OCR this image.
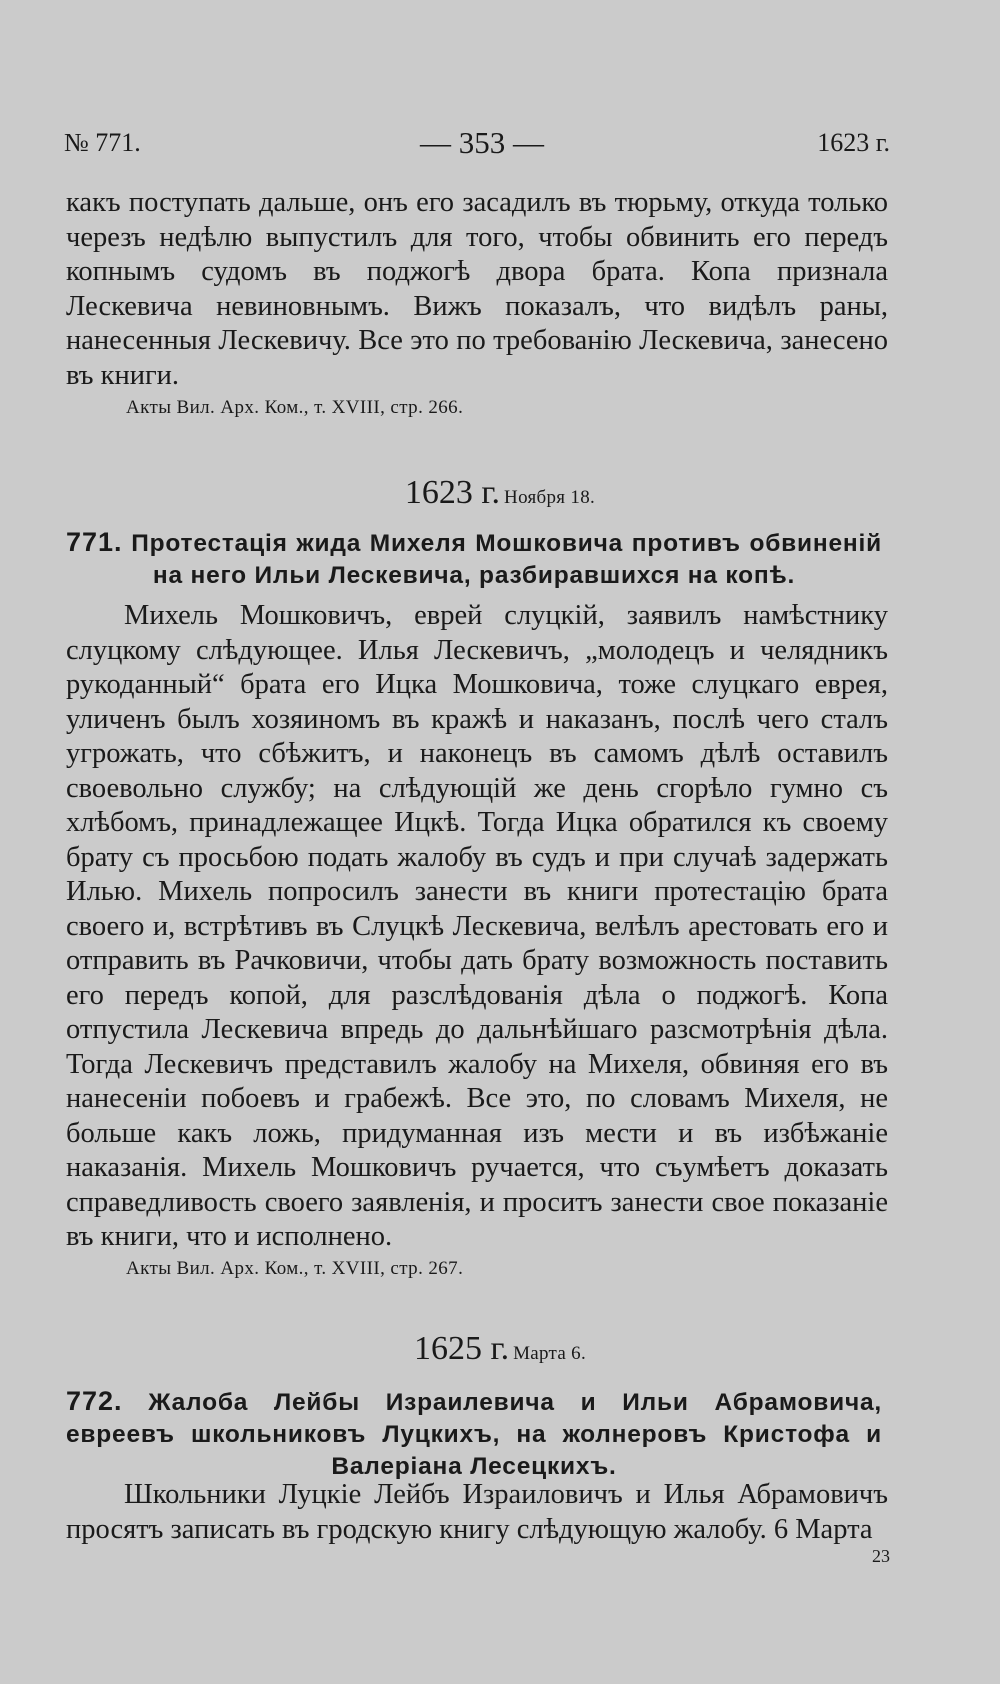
№ 771.	— 353 —	1623 г.

какъ поступать дальше, онъ его засадилъ въ тюрьму, откуда только черезъ недѣлю выпустилъ для того, чтобы обвинить его передъ копнымъ судомъ въ поджогѣ двора брата. Копа признала Лескевича невиновнымъ. Вижъ показалъ, что видѣлъ раны, нанесенныя Лескевичу. Все это по требованію Лескевича, занесено въ книги.

Акты Вил. Арх. Ком., т. XVIII, стр. 266.
1623 г. Ноября 18.
771. Протестація жида Михеля Мошковича противъ обвиненій на него Ильи Лескевича, разбиравшихся на копѣ.

Михель Мошковичъ, еврей слуцкій, заявилъ намѣстнику слуцкому слѣдующее. Илья Лескевичъ, „молодецъ и челядникъ рукоданный“ брата его Ицка Мошковича, тоже слуцкаго еврея, уличенъ былъ хозяиномъ въ кражѣ и наказанъ, послѣ чего сталъ угрожать, что сбѣжитъ, и наконецъ въ самомъ дѣлѣ оставилъ своевольно службу; на слѣдующій же день сгорѣло гумно съ хлѣбомъ, принадлежащее Ицкѣ. Тогда Ицка обратился къ своему брату съ просьбою подать жалобу въ судъ и при случаѣ задержать Илью. Михель попросилъ занести въ книги протестацію брата своего и, встрѣтивъ въ Слуцкѣ Лескевича, велѣлъ арестовать его и отправить въ Рачковичи, чтобы дать брату возможность поставить его передъ копой, для разслѣдованія дѣла о поджогѣ. Копа отпустила Лескевича впредь до дальнѣйшаго разсмотрѣнія дѣла. Тогда Лескевичъ представилъ жалобу на Михеля, обвиняя его въ нанесеніи побоевъ и грабежѣ. Все это, по словамъ Михеля, не больше какъ ложь, придуманная изъ мести и въ избѣжаніе наказанія. Михель Мошковичъ ручается, что съумѣетъ доказать справедливость своего заявленія, и проситъ занести свое показаніе въ книги, что и исполнено.

Акты Вил. Арх. Ком., т. XVIII, стр. 267.
1625 г. Марта 6.
772. Жалоба Лейбы Израилевича и Ильи Абрамовича, евреевъ школьниковъ Луцкихъ, на жолнеровъ Кристофа и Валеріана Лесецкихъ.

Школьники Луцкіе Лейбъ Израиловичъ и Илья Абрамовичъ просятъ записать въ гродскую книгу слѣдующую жалобу. 6 Марта

23
